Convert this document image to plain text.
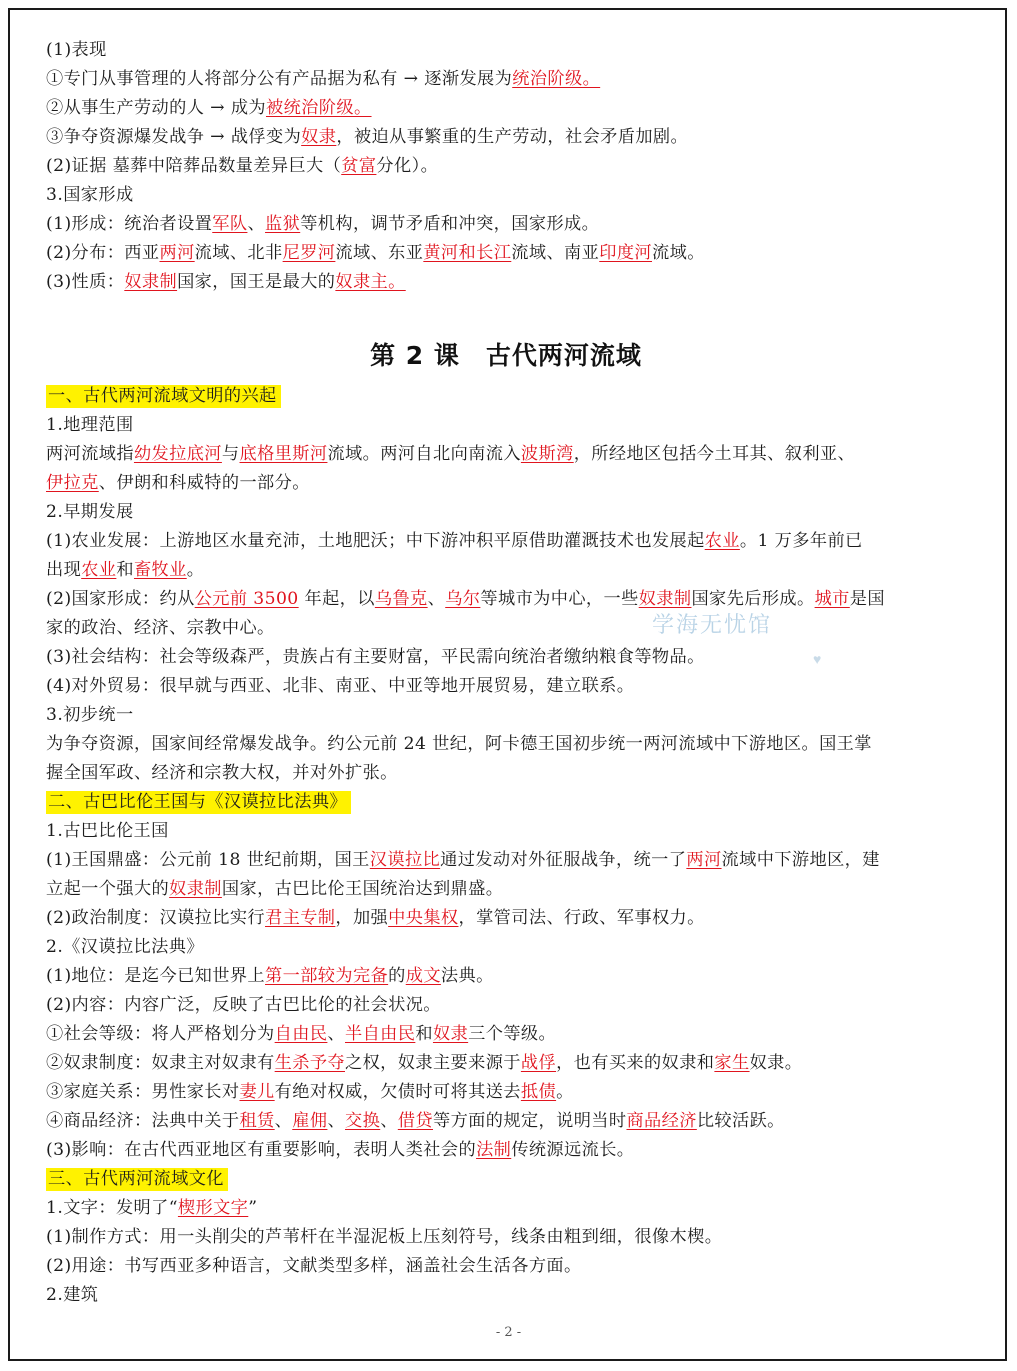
(1)表现
①专门从事管理的人将部分公有产品据为私有 → 逐渐发展为统治阶级。
②从事生产劳动的人 → 成为被统治阶级。
③争夺资源爆发战争 → 战俘变为奴隶，被迫从事繁重的生产劳动，社会矛盾加剧。
(2)证据 墓葬中陪葬品数量差异巨大（贫富分化）。
3.国家形成
(1)形成：统治者设置军队、监狱等机构，调节矛盾和冲突，国家形成。
(2)分布：西亚两河流域、北非尼罗河流域、东亚黄河和长江流域、南亚印度河流域。
(3)性质：奴隶制国家，国王是最大的奴隶主。
第 2 课　古代两河流域
一、古代两河流域文明的兴起
1.地理范围
两河流域指幼发拉底河与底格里斯河流域。两河自北向南流入波斯湾，所经地区包括今土耳其、叙利亚、
伊拉克、伊朗和科威特的一部分。
2.早期发展
(1)农业发展：上游地区水量充沛，土地肥沃；中下游冲积平原借助灌溉技术也发展起农业。1 万多年前已
出现农业和畜牧业。
(2)国家形成：约从公元前 3500 年起，以乌鲁克、乌尔等城市为中心，一些奴隶制国家先后形成。城市是国
家的政治、经济、宗教中心。
(3)社会结构：社会等级森严，贵族占有主要财富，平民需向统治者缴纳粮食等物品。
(4)对外贸易：很早就与西亚、北非、南亚、中亚等地开展贸易，建立联系。
3.初步统一
为争夺资源，国家间经常爆发战争。约公元前 24 世纪，阿卡德王国初步统一两河流域中下游地区。国王掌
握全国军政、经济和宗教大权，并对外扩张。
二、古巴比伦王国与《汉谟拉比法典》
1.古巴比伦王国
(1)王国鼎盛：公元前 18 世纪前期，国王汉谟拉比通过发动对外征服战争，统一了两河流域中下游地区，建
立起一个强大的奴隶制国家，古巴比伦王国统治达到鼎盛。
(2)政治制度：汉谟拉比实行君主专制，加强中央集权，掌管司法、行政、军事权力。
2.《汉谟拉比法典》
(1)地位：是迄今已知世界上第一部较为完备的成文法典。
(2)内容：内容广泛，反映了古巴比伦的社会状况。
①社会等级：将人严格划分为自由民、半自由民和奴隶三个等级。
②奴隶制度：奴隶主对奴隶有生杀予夺之权，奴隶主要来源于战俘，也有买来的奴隶和家生奴隶。
③家庭关系：男性家长对妻儿有绝对权威，欠债时可将其送去抵债。
④商品经济：法典中关于租赁、雇佣、交换、借贷等方面的规定，说明当时商品经济比较活跃。
(3)影响：在古代西亚地区有重要影响，表明人类社会的法制传统源远流长。
三、古代两河流域文化
1.文字：发明了“楔形文字”
(1)制作方式：用一头削尖的芦苇杆在半湿泥板上压刻符号，线条由粗到细，很像木楔。
(2)用途：书写西亚多种语言，文献类型多样，涵盖社会生活各方面。
2.建筑
学海无忧馆
♥
- 2 -
